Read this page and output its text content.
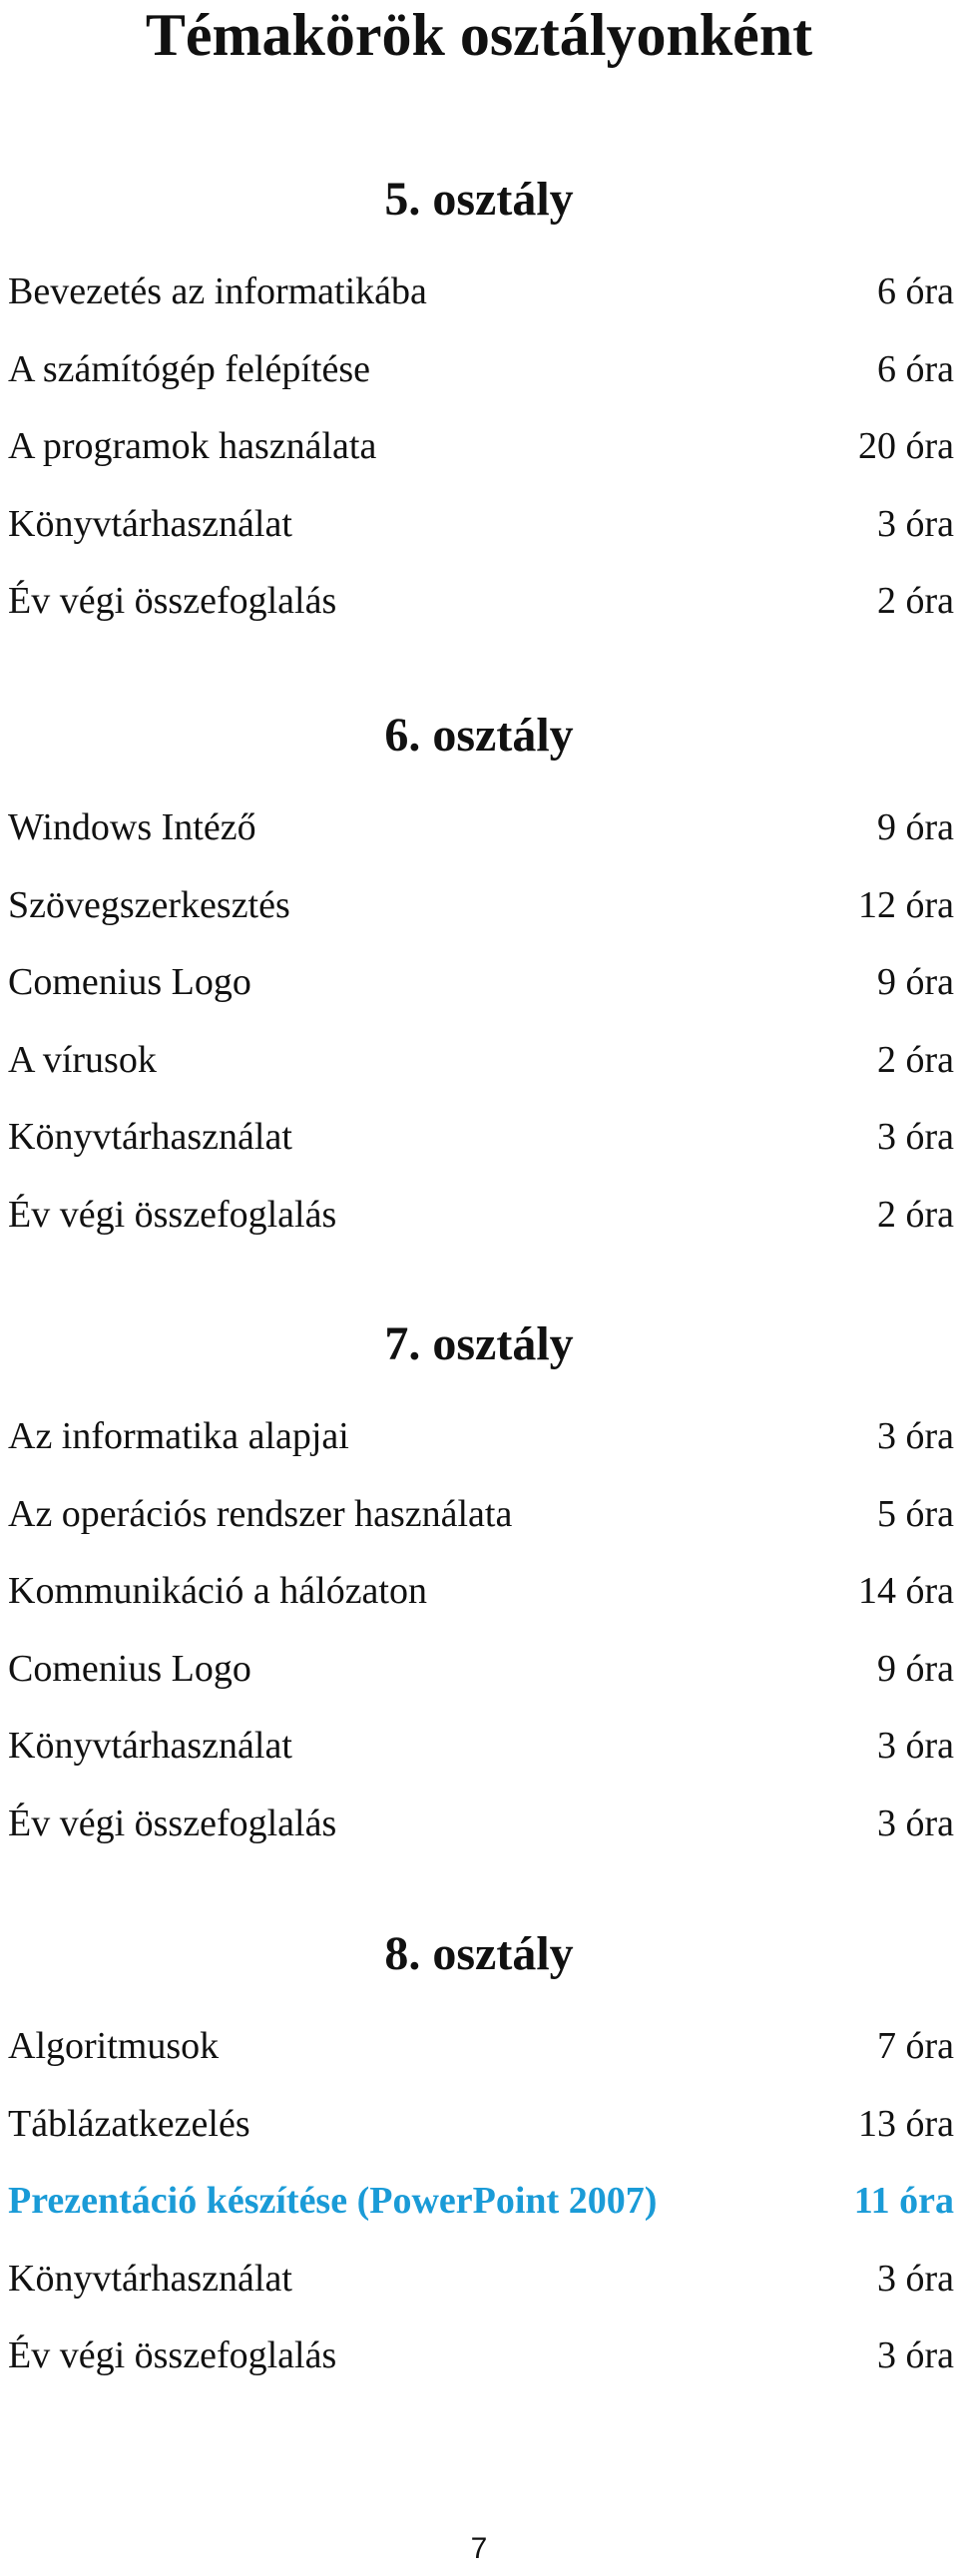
Témakörök osztályonként
5. osztály
Bevezetés az informatikába	6 óra
A számítógép felépítése	6 óra
A programok használata	20 óra
Könyvtárhasználat	3 óra
Év végi összefoglalás	2 óra
6. osztály
Windows Intéző	9 óra
Szövegszerkesztés	12 óra
Comenius Logo	9 óra
A vírusok	2 óra
Könyvtárhasználat	3 óra
Év végi összefoglalás	2 óra
7. osztály
Az informatika alapjai	3 óra
Az operációs rendszer használata	5 óra
Kommunikáció a hálózaton	14 óra
Comenius Logo	9 óra
Könyvtárhasználat	3 óra
Év végi összefoglalás	3 óra
8. osztály
Algoritmusok	7 óra
Táblázatkezelés	13 óra
Prezentáció készítése (PowerPoint 2007)	11 óra
Könyvtárhasználat	3 óra
Év végi összefoglalás	3 óra
7
